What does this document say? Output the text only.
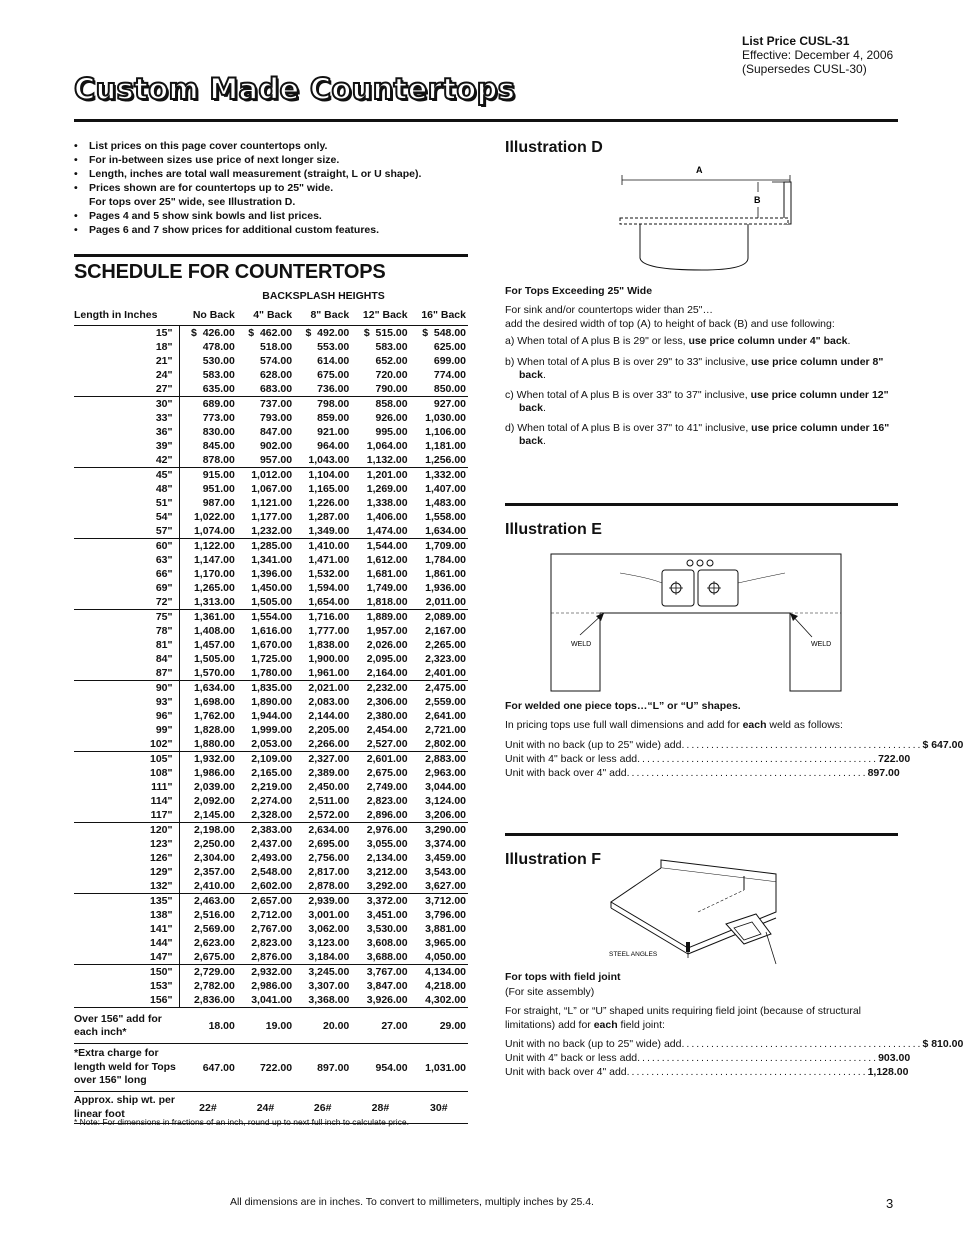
List Price CUSL-31
Effective: December 4, 2006
(Supersedes CUSL-30)
Custom Made Countertops
• List prices on this page cover countertops only.
• For in-between sizes use price of next longer size.
• Length, inches are total wall measurement (straight, L or U shape).
• Prices shown are for countertops up to 25" wide.
For tops over 25" wide, see Illustration D.
• Pages 4 and 5 show sink bowls and list prices.
• Pages 6 and 7 show prices for additional custom features.
SCHEDULE FOR COUNTERTOPS
	BACKSPLASH HEIGHTS				
Length in Inches	No Back	4" Back	8" Back	12" Back	16" Back
15"	$  426.00	$  462.00	$  492.00	$  515.00	$  548.00
18"	478.00	518.00	553.00	583.00	625.00
21"	530.00	574.00	614.00	652.00	699.00
24"	583.00	628.00	675.00	720.00	774.00
27"	635.00	683.00	736.00	790.00	850.00
30"	689.00	737.00	798.00	858.00	927.00
33"	773.00	793.00	859.00	926.00	1,030.00
36"	830.00	847.00	921.00	995.00	1,106.00
39"	845.00	902.00	964.00	1,064.00	1,181.00
42"	878.00	957.00	1,043.00	1,132.00	1,256.00
45"	915.00	1,012.00	1,104.00	1,201.00	1,332.00
48"	951.00	1,067.00	1,165.00	1,269.00	1,407.00
51"	987.00	1,121.00	1,226.00	1,338.00	1,483.00
54"	1,022.00	1,177.00	1,287.00	1,406.00	1,558.00
57"	1,074.00	1,232.00	1,349.00	1,474.00	1,634.00
60"	1,122.00	1,285.00	1,410.00	1,544.00	1,709.00
63"	1,147.00	1,341.00	1,471.00	1,612.00	1,784.00
66"	1,170.00	1,396.00	1,532.00	1,681.00	1,861.00
69"	1,265.00	1,450.00	1,594.00	1,749.00	1,936.00
72"	1,313.00	1,505.00	1,654.00	1,818.00	2,011.00
75"	1,361.00	1,554.00	1,716.00	1,889.00	2,089.00
78"	1,408.00	1,616.00	1,777.00	1,957.00	2,167.00
81"	1,457.00	1,670.00	1,838.00	2,026.00	2,265.00
84"	1,505.00	1,725.00	1,900.00	2,095.00	2,323.00
87"	1,570.00	1,780.00	1,961.00	2,164.00	2,401.00
90"	1,634.00	1,835.00	2,021.00	2,232.00	2,475.00
93"	1,698.00	1,890.00	2,083.00	2,306.00	2,559.00
96"	1,762.00	1,944.00	2,144.00	2,380.00	2,641.00
99"	1,828.00	1,999.00	2,205.00	2,454.00	2,721.00
102"	1,880.00	2,053.00	2,266.00	2,527.00	2,802.00
105"	1,932.00	2,109.00	2,327.00	2,601.00	2,883.00
108"	1,986.00	2,165.00	2,389.00	2,675.00	2,963.00
111"	2,039.00	2,219.00	2,450.00	2,749.00	3,044.00
114"	2,092.00	2,274.00	2,511.00	2,823.00	3,124.00
117"	2,145.00	2,328.00	2,572.00	2,896.00	3,206.00
120"	2,198.00	2,383.00	2,634.00	2,976.00	3,290.00
123"	2,250.00	2,437.00	2,695.00	3,055.00	3,374.00
126"	2,304.00	2,493.00	2,756.00	2,134.00	3,459.00
129"	2,357.00	2,548.00	2,817.00	3,212.00	3,543.00
132"	2,410.00	2,602.00	2,878.00	3,292.00	3,627.00
135"	2,463.00	2,657.00	2,939.00	3,372.00	3,712.00
138"	2,516.00	2,712.00	3,001.00	3,451.00	3,796.00
141"	2,569.00	2,767.00	3,062.00	3,530.00	3,881.00
144"	2,623.00	2,823.00	3,123.00	3,608.00	3,965.00
147"	2,675.00	2,876.00	3,184.00	3,688.00	4,050.00
150"	2,729.00	2,932.00	3,245.00	3,767.00	4,134.00
153"	2,782.00	2,986.00	3,307.00	3,847.00	4,218.00
156"	2,836.00	3,041.00	3,368.00	3,926.00	4,302.00
Over 156" add for each inch*	18.00	19.00	20.00	27.00	29.00
*Extra charge for length weld for Tops over 156" long	647.00	722.00	897.00	954.00	1,031.00
Approx. ship wt. per linear foot	22#	24#	26#	28#	30#
* Note: For dimensions in fractions of an inch, round up to next full inch to calculate price.
Illustration D
A
B
For Tops Exceeding 25" Wide
For sink and/or countertops wider than 25"…
add the desired width of top (A) to height of back (B) and use following:
a) When total of A plus B is 29" or less, use price column under 4" back.
b) When total of A plus B is over 29" to 33" inclusive, use price column under 8" back.
c) When total of A plus B is over 33" to 37" inclusive, use price column under 12" back.
d) When total of A plus B is over 37" to 41" inclusive, use price column under 16" back.
Illustration E
WELD	WELD
For welded one piece tops…“L” or “U” shapes.
In pricing tops use full wall dimensions and add for each weld as follows:
Unit with no back (up to 25" wide) add ................................................. $ 647.00
Unit with 4" back or less add ................................................. 722.00
Unit with back over 4" add ................................................. 897.00
Illustration F
STEEL ANGLES
For tops with field joint
(For site assembly)
For straight, “L” or “U” shaped units requiring field joint (because of structural limitations) add for each field joint:
Unit with no back (up to 25" wide) add ................................................. $ 810.00
Unit with 4" back or less add ................................................. 903.00
Unit with back over 4" add ................................................. 1,128.00
All dimensions are in inches. To convert to millimeters, multiply inches by 25.4.	3
